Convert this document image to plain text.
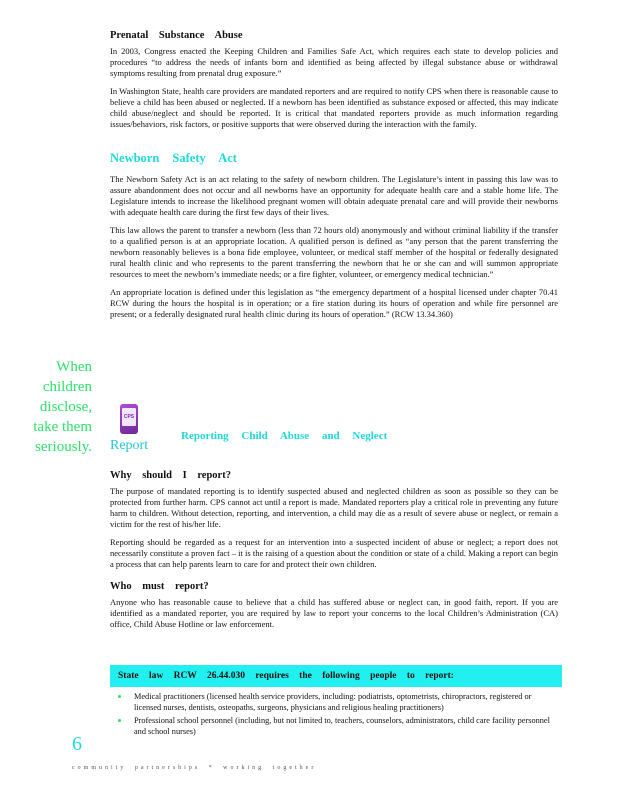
Prenatal Substance Abuse

In 2003, Congress enacted the Keeping Children and Families Safe Act, which requires each state to develop policies and procedures “to address the needs of infants born and identified as being affected by illegal substance abuse or withdrawal symptoms resulting from prenatal drug exposure.”

In Washington State, health care providers are mandated reporters and are required to notify CPS when there is reasonable cause to believe a child has been abused or neglected. If a newborn has been identified as substance exposed or affected, this may indicate child abuse/neglect and should be reported. It is critical that mandated reporters provide as much information regarding issues/behaviors, risk factors, or positive supports that were observed during the interaction with the family.

Newborn Safety Act

The Newborn Safety Act is an act relating to the safety of newborn children. The Legislature’s intent in passing this law was to assure abandonment does not occur and all newborns have an opportunity for adequate health care and a stable home life. The Legislature intends to increase the likelihood pregnant women will obtain adequate prenatal care and will provide their newborns with adequate health care during the first few days of their lives.

This law allows the parent to transfer a newborn (less than 72 hours old) anonymously and without criminal liability if the transfer to a qualified person is at an appropriate location. A qualified person is defined as “any person that the parent transferring the newborn reasonably believes is a bona fide employee, volunteer, or medical staff member of the hospital or federally designated rural health clinic and who represents to the parent transferring the newborn that he or she can and will summon appropriate resources to meet the newborn’s immediate needs; or a fire fighter, volunteer, or emergency medical technician.”

An appropriate location is defined under this legislation as “the emergency department of a hospital licensed under chapter 70.41 RCW during the hours the hospital is in operation; or a fire station during its hours of operation and while fire personnel are present; or a federally designated rural health clinic during its hours of operation.” (RCW 13.34.360)

When children disclose, take them seriously.
CPS
Report
Reporting Child Abuse and Neglect
Why should I report?

The purpose of mandated reporting is to identify suspected abused and neglected children as soon as possible so they can be protected from further harm. CPS cannot act until a report is made. Mandated reporters play a critical role in preventing any future harm to children. Without detection, reporting, and intervention, a child may die as a result of severe abuse or neglect, or remain a victim for the rest of his/her life.

Reporting should be regarded as a request for an intervention into a suspected incident of abuse or neglect; a report does not necessarily constitute a proven fact – it is the raising of a question about the condition or state of a child. Making a report can begin a process that can help parents learn to care for and protect their own children.

Who must report?

Anyone who has reasonable cause to believe that a child has suffered abuse or neglect can, in good faith, report. If you are identified as a mandated reporter, you are required by law to report your concerns to the local Children’s Administration (CA) office, Child Abuse Hotline or law enforcement.

State law RCW 26.44.030 requires the following people to report:
Medical practitioners (licensed health service providers, including: podiatrists, optometrists, chiropractors, registered or licensed nurses, dentists, osteopaths, surgeons, physicians and religious healing practitioners)
Professional school personnel (including, but not limited to, teachers, counselors, administrators, child care facility personnel and school nurses)
6
community partnerships * working together
